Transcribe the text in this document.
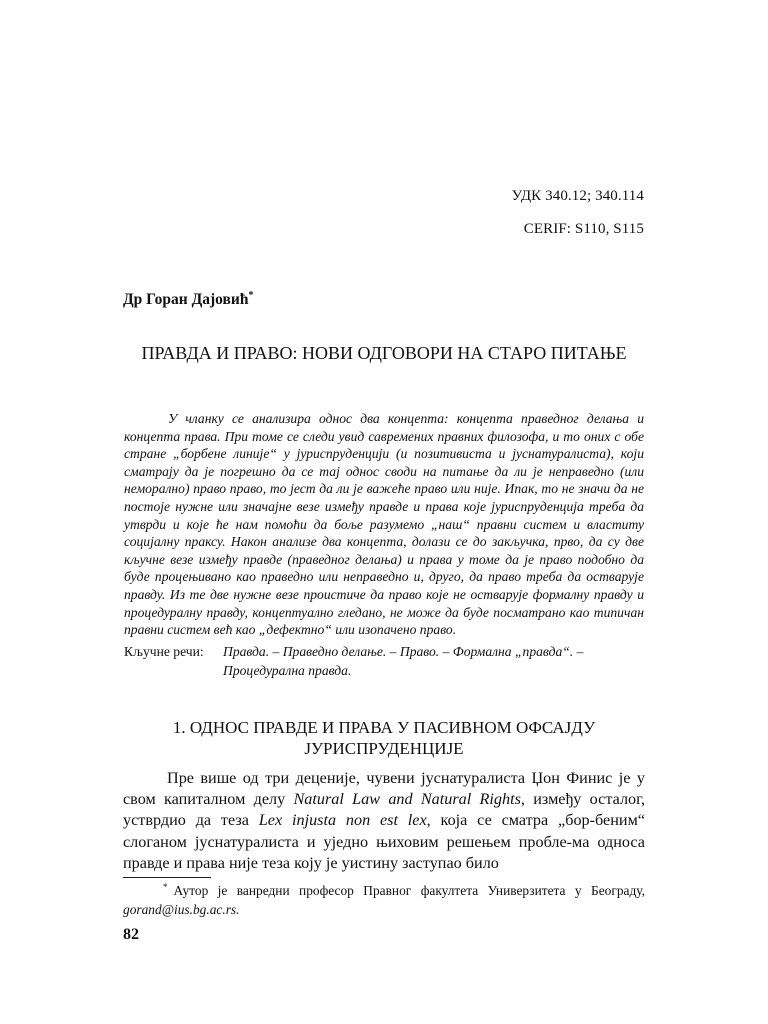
УДК 340.12; 340.114
CERIF: S110, S115
Др Горан Дајовић*
ПРАВДА И ПРАВО: НОВИ ОДГОВОРИ НА СТАРО ПИТАЊЕ
У чланку се анализира однос два концепта: концепта праведног делања и концепта права. При томе се следи увид савремених правних филозофа, и то оних с обе стране „борбене линије“ у јуриспруденцији (и позитивиста и јуснатуралиста), који сматрају да је погрешно да се тај однос своди на питање да ли је неправедно (или неморално) право право, то јест да ли је важеће право или није. Ипак, то не значи да не постоје нужне или значајне везе између правде и права које јуриспруденција треба да утврди и које ће нам помоћи да боље разумемо „наш“ правни систем и властиту социјалну праксу. Након анализе два концепта, долази се до закључка, прво, да су две кључне везе између правде (праведног делања) и права у томе да је право подобно да буде процењивано као праведно или неправедно и, друго, да право треба да остварује правду. Из те две нужне везе проистиче да право које не остварује формалну правду и процедуралну правду, концептуално гледано, не може да буде посматрано као типичан правни систем већ као „дефектно“ или изопачено право.
Кључне речи:	Правда. – Праведно делање. – Право. – Формална „правда“. – Процедурална правда.
1. ОДНОС ПРАВДЕ И ПРАВА У ПАСИВНОМ ОФСАЈДУ ЈУРИСПРУДЕНЦИЈЕ
Пре више од три деценије, чувени јуснатуралиста Џон Финис је у свом капиталном делу Natural Law and Natural Rights, између осталог, устврдио да теза Lex injusta non est lex, која се сматра „бор-беним“ слоганом јуснатуралиста и уједно њиховим решењем пробле-ма односа правде и права није теза коју је уистину заступао било
* Аутор је ванредни професор Правног факултета Универзитета у Београду, gorand@ius.bg.ac.rs.
82
